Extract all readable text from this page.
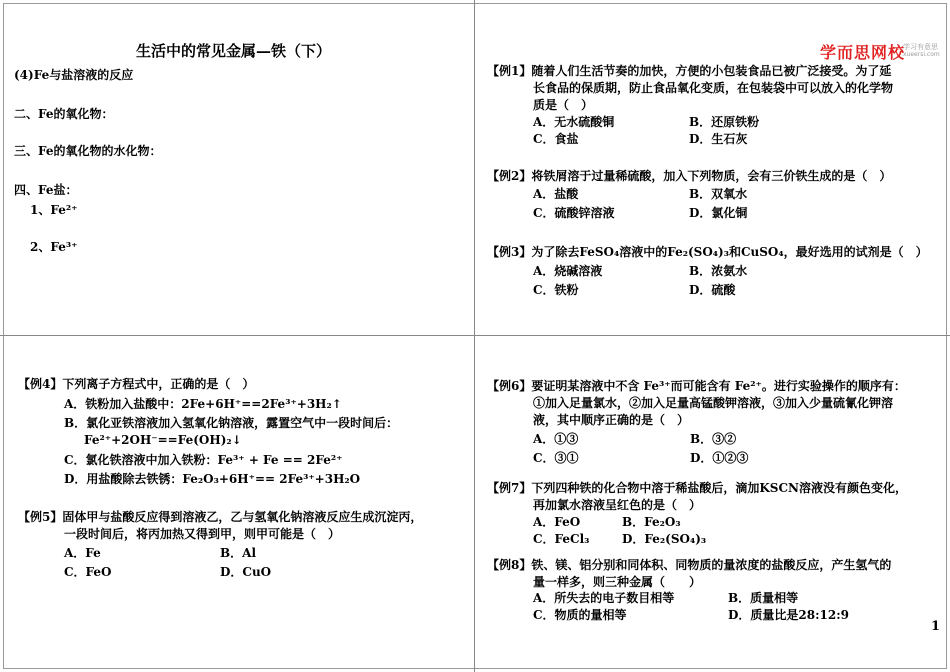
生活中的常见金属—铁（下）
(4)Fe与盐溶液的反应
二、Fe的氧化物：
三、Fe的氧化物的水化物：
四、Fe盐：
1、Fe²⁺
2、Fe³⁺
学而思网校
学习有意思
xueersi.com
【例1】随着人们生活节奏的加快，方便的小包装食品已被广泛接受。为了延
长食品的保质期，防止食品氧化变质，在包装袋中可以放入的化学物
质是（　）
A．无水硫酸铜	B．还原铁粉
C．食盐	D．生石灰
【例2】将铁屑溶于过量稀硫酸，加入下列物质，会有三价铁生成的是（　）
A．盐酸	B．双氧水
C．硫酸锌溶液	D．氯化铜
【例3】为了除去FeSO₄溶液中的Fe₂(SO₄)₃和CuSO₄，最好选用的试剂是（　）
A．烧碱溶液	B．浓氨水
C．铁粉	D．硫酸
【例4】下列离子方程式中，正确的是（　）
A．铁粉加入盐酸中：2Fe+6H⁺==2Fe³⁺+3H₂↑
B．氯化亚铁溶液加入氢氧化钠溶液，露置空气中一段时间后：
Fe²⁺+2OH⁻==Fe(OH)₂↓
C．氯化铁溶液中加入铁粉：Fe³⁺ + Fe == 2Fe²⁺
D．用盐酸除去铁锈：Fe₂O₃+6H⁺== 2Fe³⁺+3H₂O
【例5】固体甲与盐酸反应得到溶液乙，乙与氢氧化钠溶液反应生成沉淀丙，
一段时间后，将丙加热又得到甲，则甲可能是（　）
A．Fe	B．Al
C．FeO	D．CuO
【例6】要证明某溶液中不含 Fe³⁺而可能含有 Fe²⁺。进行实验操作的顺序有：
①加入足量氯水，②加入足量高锰酸钾溶液，③加入少量硫氰化钾溶
液，其中顺序正确的是（　）
A．①③	B．③②
C．③①	D．①②③
【例7】下列四种铁的化合物中溶于稀盐酸后，滴加KSCN溶液没有颜色变化，
再加氯水溶液呈红色的是（　）
A．FeO	B．Fe₂O₃
C．FeCl₃	D．Fe₂(SO₄)₃
【例8】铁、镁、铝分别和同体积、同物质的量浓度的盐酸反应，产生氢气的
量一样多，则三种金属（　　）
A．所失去的电子数目相等	B．质量相等
C．物质的量相等	D．质量比是28:12:9
1
